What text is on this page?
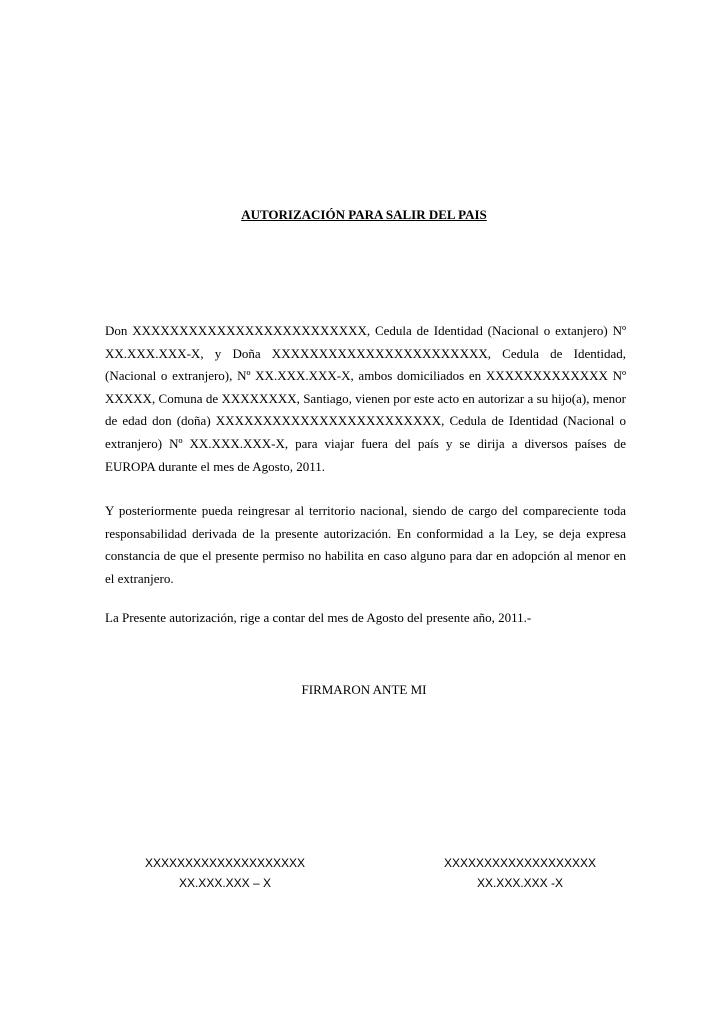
AUTORIZACIÓN PARA SALIR DEL PAIS
Don XXXXXXXXXXXXXXXXXXXXXXXXX, Cedula de Identidad (Nacional o extanjero) Nº XX.XXX.XXX-X, y Doña XXXXXXXXXXXXXXXXXXXXXXX, Cedula de Identidad, (Nacional o extranjero), Nº XX.XXX.XXX-X, ambos domiciliados en XXXXXXXXXXXXX Nº XXXXX, Comuna de XXXXXXXX, Santiago, vienen por este acto en autorizar a su hijo(a), menor de edad don (doña) XXXXXXXXXXXXXXXXXXXXXXXX, Cedula de Identidad (Nacional o extranjero) Nº XX.XXX.XXX-X, para viajar fuera del país y se dirija a diversos países de EUROPA durante el mes de Agosto, 2011.
Y posteriormente pueda reingresar al territorio nacional, siendo de cargo del compareciente toda responsabilidad derivada de la presente autorización. En conformidad a la Ley, se deja expresa constancia de que el presente permiso no habilita en caso alguno para dar en adopción al menor en el extranjero.
La Presente autorización, rige a contar del mes de Agosto del presente año, 2011.-
FIRMARON ANTE MI
XXXXXXXXXXXXXXXXXXXX
XX.XXX.XXX – X
XXXXXXXXXXXXXXXXXXX
XX.XXX.XXX -X
